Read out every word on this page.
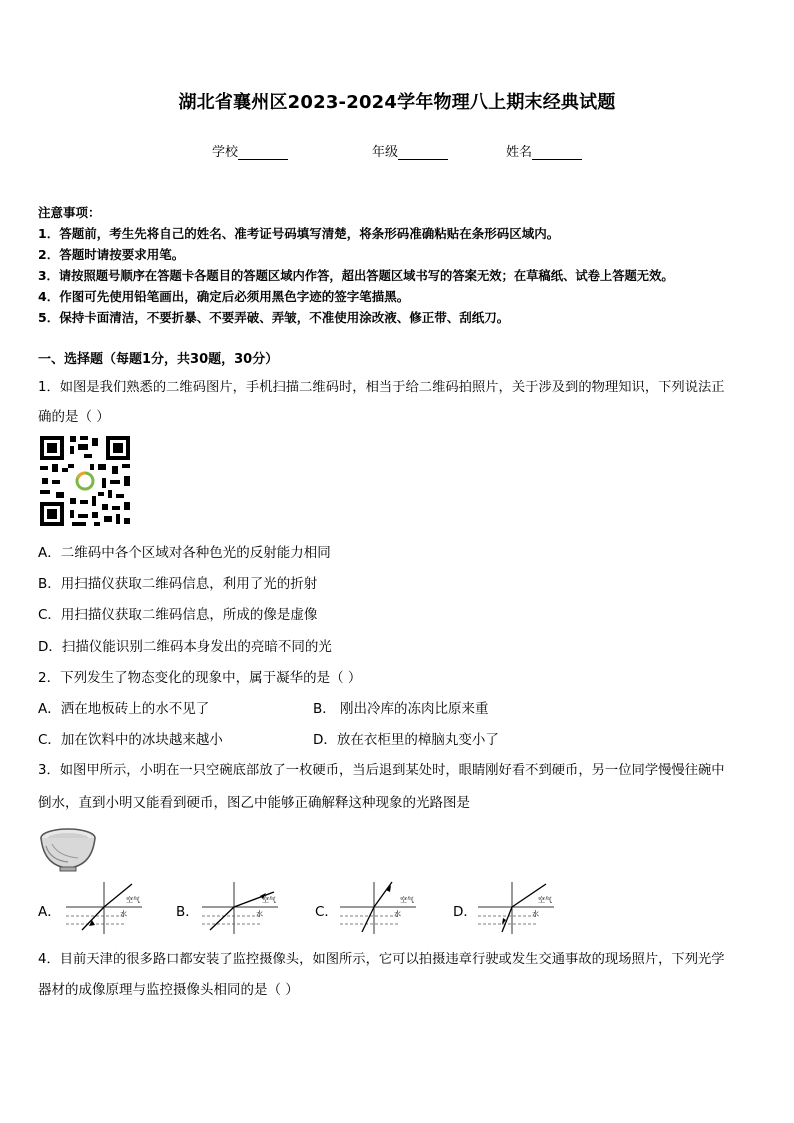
湖北省襄州区2023-2024学年物理八上期末经典试题
学校	年级	姓名
注意事项：
1．答题前，考生先将自己的姓名、准考证号码填写清楚，将条形码准确粘贴在条形码区域内。
2．答题时请按要求用笔。
3．请按照题号顺序在答题卡各题目的答题区域内作答，超出答题区域书写的答案无效；在草稿纸、试卷上答题无效。
4．作图可先使用铅笔画出，确定后必须用黑色字迹的签字笔描黑。
5．保持卡面清洁，不要折暴、不要弄破、弄皱，不准使用涂改液、修正带、刮纸刀。
一、选择题（每题1分，共30题，30分）
1．如图是我们熟悉的二维码图片，手机扫描二维码时，相当于给二维码拍照片，关于涉及到的物理知识，下列说法正
确的是（ ）
A．二维码中各个区域对各种色光的反射能力相同
B．用扫描仪获取二维码信息，利用了光的折射
C．用扫描仪获取二维码信息，所成的像是虚像
D．扫描仪能识别二维码本身发出的亮暗不同的光
2．下列发生了物态变化的现象中，属于凝华的是（ ）
A．洒在地板砖上的水不见了	B． 刚出冷库的冻肉比原来重
C．加在饮料中的冰块越来越小	D．放在衣柜里的樟脑丸变小了
3．如图甲所示，小明在一只空碗底部放了一枚硬币，当后退到某处时，眼睛刚好看不到硬币，另一位同学慢慢往碗中
倒水，直到小明又能看到硬币，图乙中能够正确解释这种现象的光路图是
A．	B．	C．	D．
空气
水
空气
水
空气
水
空气
水
4．目前天津的很多路口都安装了监控摄像头，如图所示，它可以拍摄违章行驶或发生交通事故的现场照片，下列光学
器材的成像原理与监控摄像头相同的是（ ）
